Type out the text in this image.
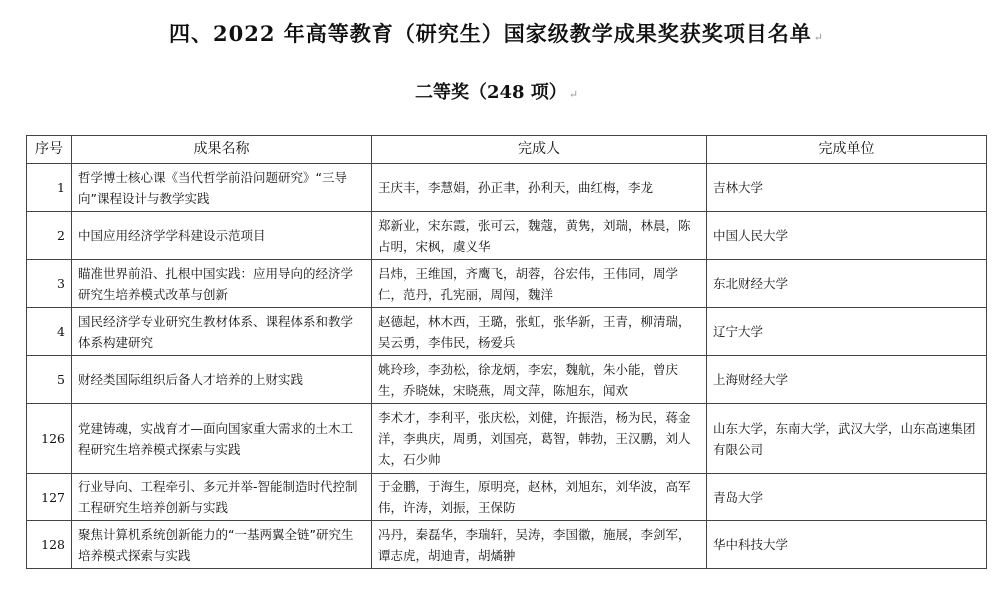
四、2022 年高等教育（研究生）国家级教学成果奖获奖项目名单 ↵
二等奖（248 项） ↵
序号	成果名称	完成人	完成单位
1	哲学博士核心课《当代哲学前沿问题研究》“三导向”课程设计与教学实践	王庆丰，李慧娟，孙正聿，孙利天，曲红梅，李龙	吉林大学
2	中国应用经济学学科建设示范项目	郑新业，宋东霞，张可云，魏蔻，黄隽，刘瑞，林晨，陈占明，宋枫，虞义华	中国人民大学
3	瞄准世界前沿、扎根中国实践：应用导向的经济学研究生培养模式改革与创新	吕炜，王维国，齐鹰飞，胡蓉，谷宏伟，王伟同，周学仁，范丹，孔宪丽，周闯，魏洋	东北财经大学
4	国民经济学专业研究生教材体系、课程体系和教学体系构建研究	赵德起，林木西，王璐，张虹，张华新，王青，柳清瑞，吴云勇，李伟民，杨爱兵	辽宁大学
5	财经类国际组织后备人才培养的上财实践	姚玲珍，李劲松，徐龙炳，李宏，魏航，朱小能，曾庆生，乔晓妹，宋晓燕，周文萍，陈旭东，闻欢	上海财经大学
126	党建铸魂，实战育才—面向国家重大需求的土木工程研究生培养模式探索与实践	李术才，李利平，张庆松，刘健，许振浩，杨为民，蒋金洋，李典庆，周勇，刘国亮，葛智，韩勃，王汉鹏，刘人太，石少帅	山东大学，东南大学，武汉大学，山东高速集团有限公司
127	行业导向、工程牵引、多元并举-智能制造时代控制工程研究生培养创新与实践	于金鹏，于海生，原明亮，赵林，刘旭东，刘华波，高军伟，许涛，刘振，王保防	青岛大学
128	聚焦计算机系统创新能力的“一基两翼全链”研究生培养模式探索与实践	冯丹，秦磊华，李瑞轩，吴涛，李国徽，施展，李剑军，谭志虎，胡迪青，胡燏翀	华中科技大学
